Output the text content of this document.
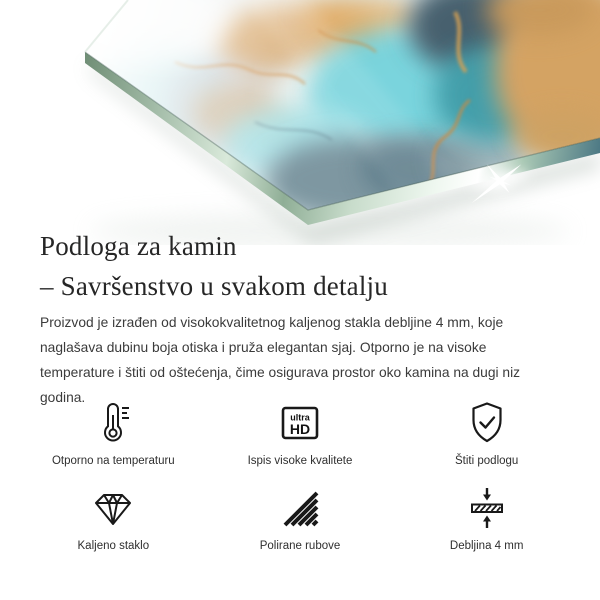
Podloga za kamin
– Savršenstvo u svakom detalju

Proizvod je izrađen od visokokvalitetnog kaljenog stakla debljine 4 mm, koje naglašava dubinu boja otiska i pruža elegantan sjaj. Otporno je na visoke temperature i štiti od oštećenja, čime osigurava prostor oko kamina na dugi niz godina.

Otporno na temperaturu
ultra
HD
Ispis visoke kvalitete	Štiti podlogu
Kaljeno staklo	Polirane rubove	Debljina 4 mm
